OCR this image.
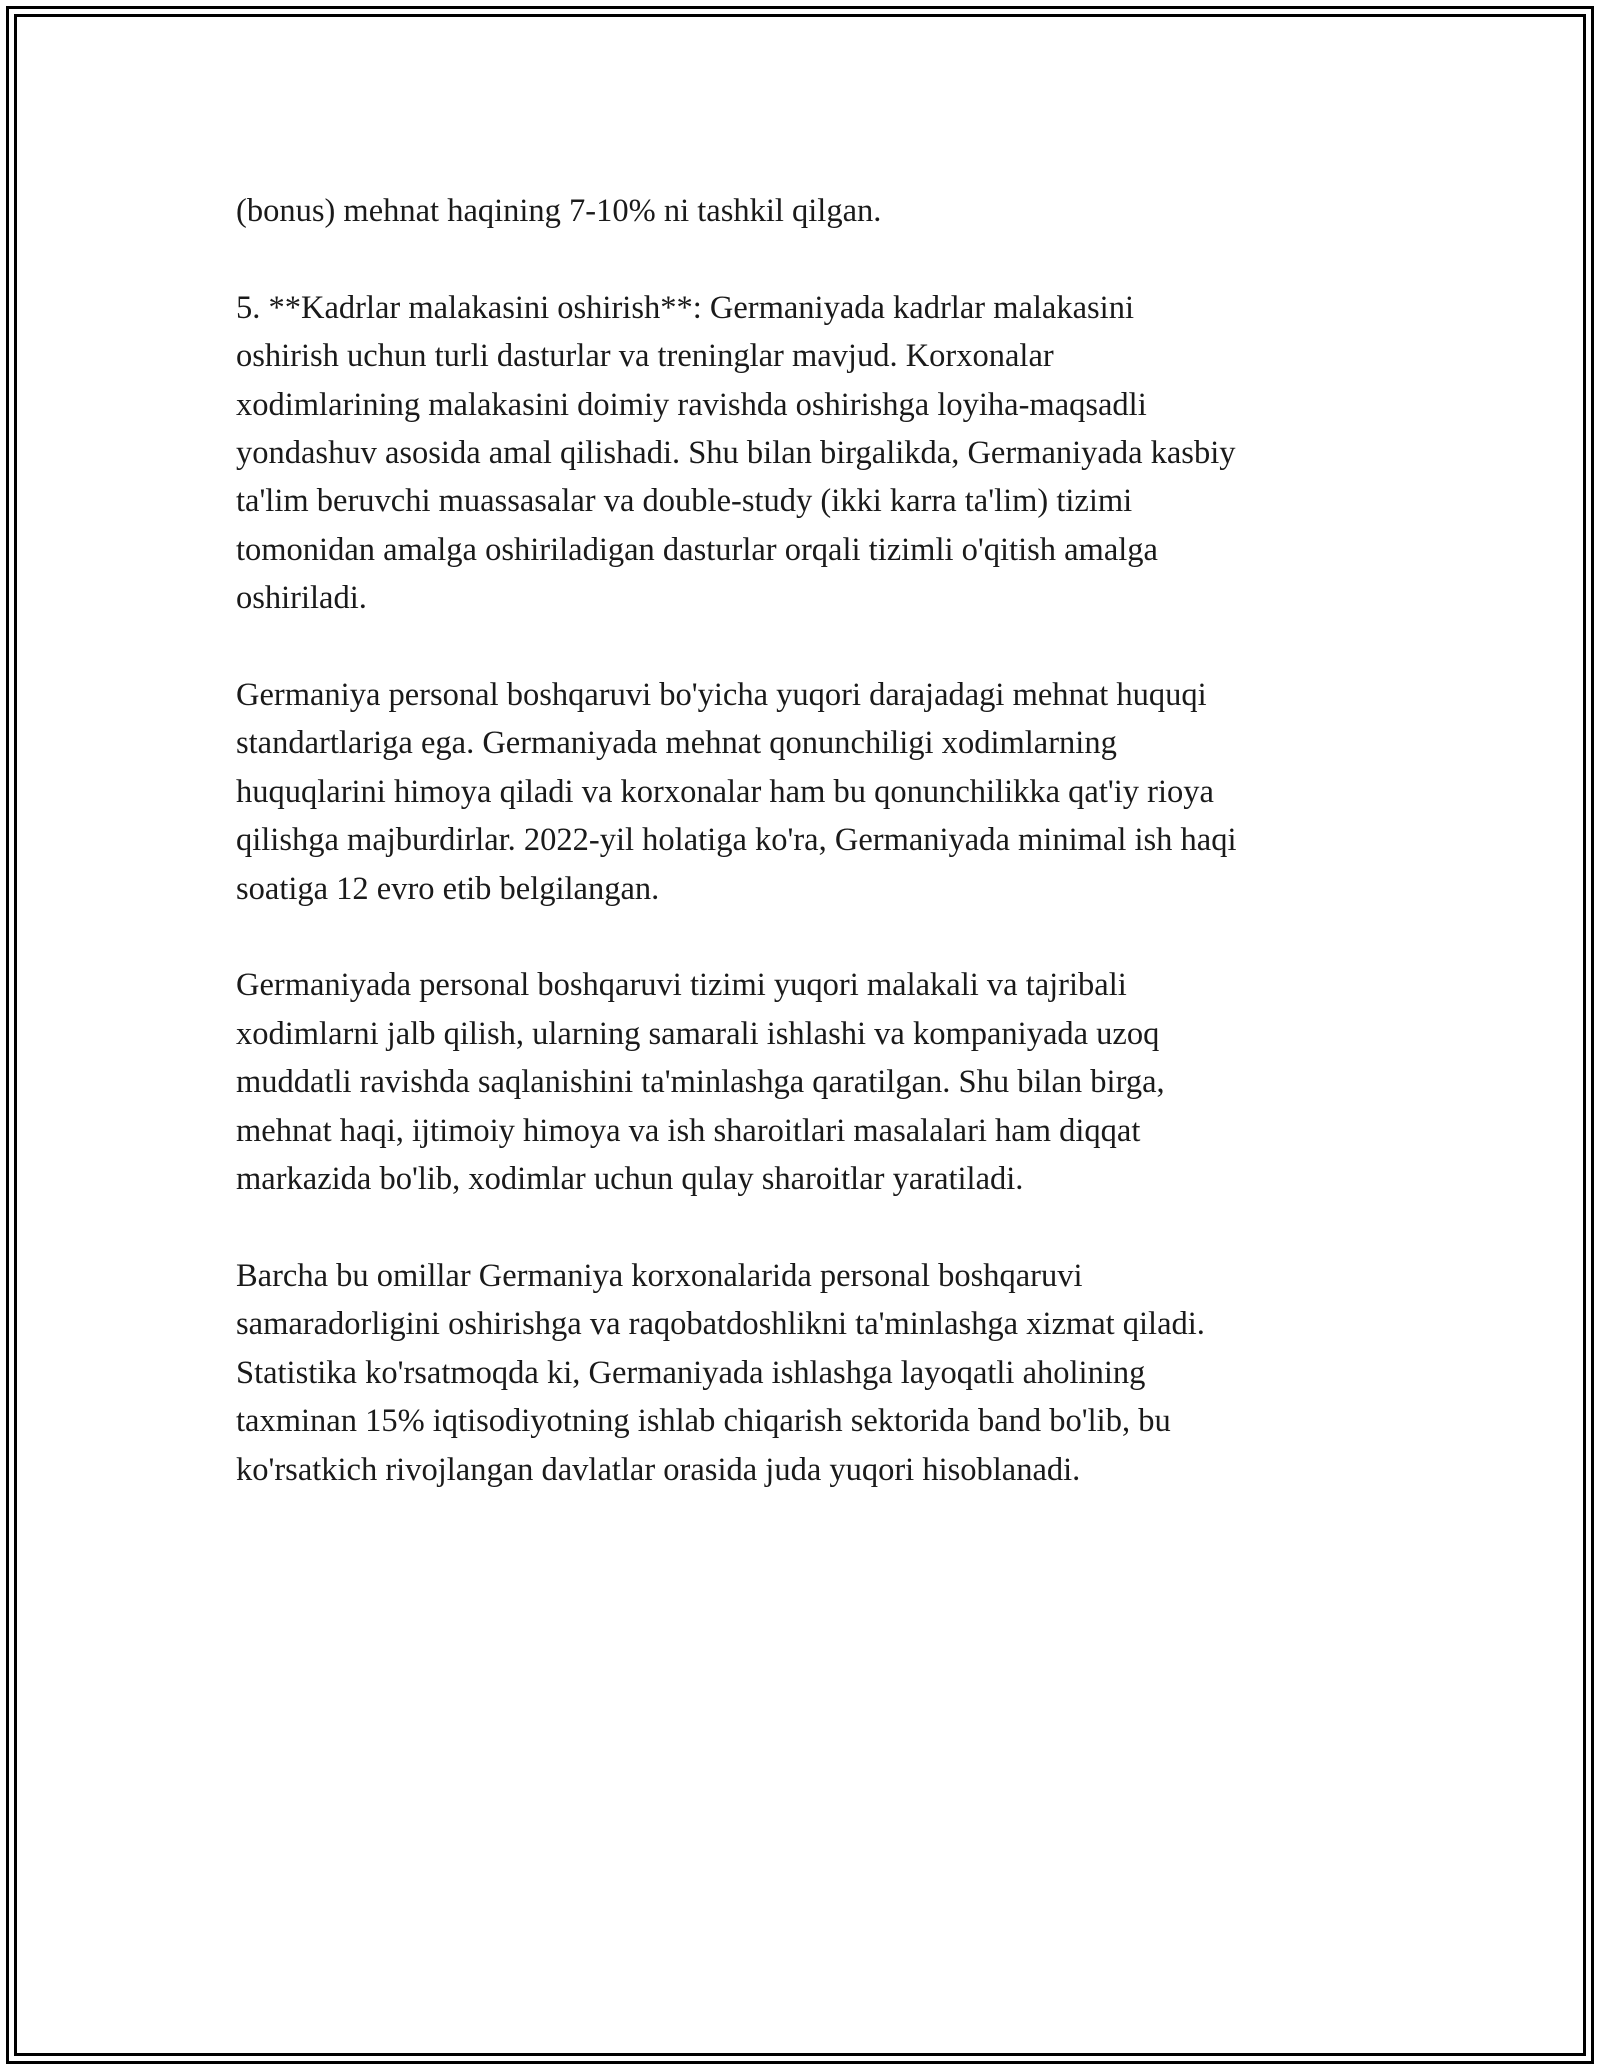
(bonus) mehnat haqining 7-10% ni tashkil qilgan.

5. **Kadrlar malakasini oshirish**: Germaniyada kadrlar malakasini
oshirish uchun turli dasturlar va treninglar mavjud. Korxonalar
xodimlarining malakasini doimiy ravishda oshirishga loyiha-maqsadli
yondashuv asosida amal qilishadi. Shu bilan birgalikda, Germaniyada kasbiy
ta'lim beruvchi muassasalar va double-study (ikki karra ta'lim) tizimi
tomonidan amalga oshiriladigan dasturlar orqali tizimli o'qitish amalga
oshiriladi.

Germaniya personal boshqaruvi bo'yicha yuqori darajadagi mehnat huquqi
standartlariga ega. Germaniyada mehnat qonunchiligi xodimlarning
huquqlarini himoya qiladi va korxonalar ham bu qonunchilikka qat'iy rioya
qilishga majburdirlar. 2022-yil holatiga ko'ra, Germaniyada minimal ish haqi
soatiga 12 evro etib belgilangan.

Germaniyada personal boshqaruvi tizimi yuqori malakali va tajribali
xodimlarni jalb qilish, ularning samarali ishlashi va kompaniyada uzoq
muddatli ravishda saqlanishini ta'minlashga qaratilgan. Shu bilan birga,
mehnat haqi, ijtimoiy himoya va ish sharoitlari masalalari ham diqqat
markazida bo'lib, xodimlar uchun qulay sharoitlar yaratiladi.

Barcha bu omillar Germaniya korxonalarida personal boshqaruvi
samaradorligini oshirishga va raqobatdoshlikni ta'minlashga xizmat qiladi.
Statistika ko'rsatmoqda ki, Germaniyada ishlashga layoqatli aholining
taxminan 15% iqtisodiyotning ishlab chiqarish sektorida band bo'lib, bu
ko'rsatkich rivojlangan davlatlar orasida juda yuqori hisoblanadi.
